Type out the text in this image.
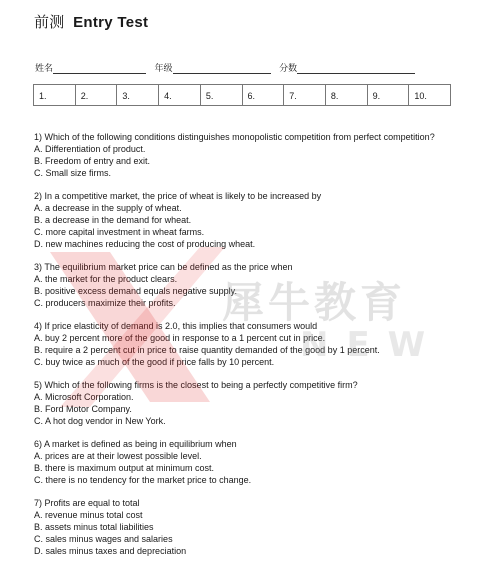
前测 Entry Test
姓名	年级	分数
1.	2.	3.	4.	5.	6.	7.	8.	9.	10.
1) Which of the following conditions distinguishes monopolistic competition from perfect competition?
A. Differentiation of product.
B. Freedom of entry and exit.
C. Small size firms.
2) In a competitive market, the price of wheat is likely to be increased by
A. a decrease in the supply of wheat.
B. a decrease in the demand for wheat.
C. more capital investment in wheat farms.
D. new machines reducing the cost of producing wheat.
3) The equilibrium market price can be defined as the price when
A. the market for the product clears.
B. positive excess demand equals negative supply.
C. producers maximize their profits.
4) If price elasticity of demand is 2.0, this implies that consumers would
A. buy 2 percent more of the good in response to a 1 percent cut in price.
B. require a 2 percent cut in price to raise quantity demanded of the good by 1 percent.
C. buy twice as much of the good if price falls by 10 percent.
5) Which of the following firms is the closest to being a perfectly competitive firm?
A. Microsoft Corporation.
B. Ford Motor Company.
C. A hot dog vendor in New York.
6) A market is defined as being in equilibrium when
A. prices are at their lowest possible level.
B. there is maximum output at minimum cost.
C. there is no tendency for the market price to change.
7) Profits are equal to total
A. revenue minus total cost
B. assets minus total liabilities
C. sales minus wages and salaries
D. sales minus taxes and depreciation
犀牛教育
NEW
